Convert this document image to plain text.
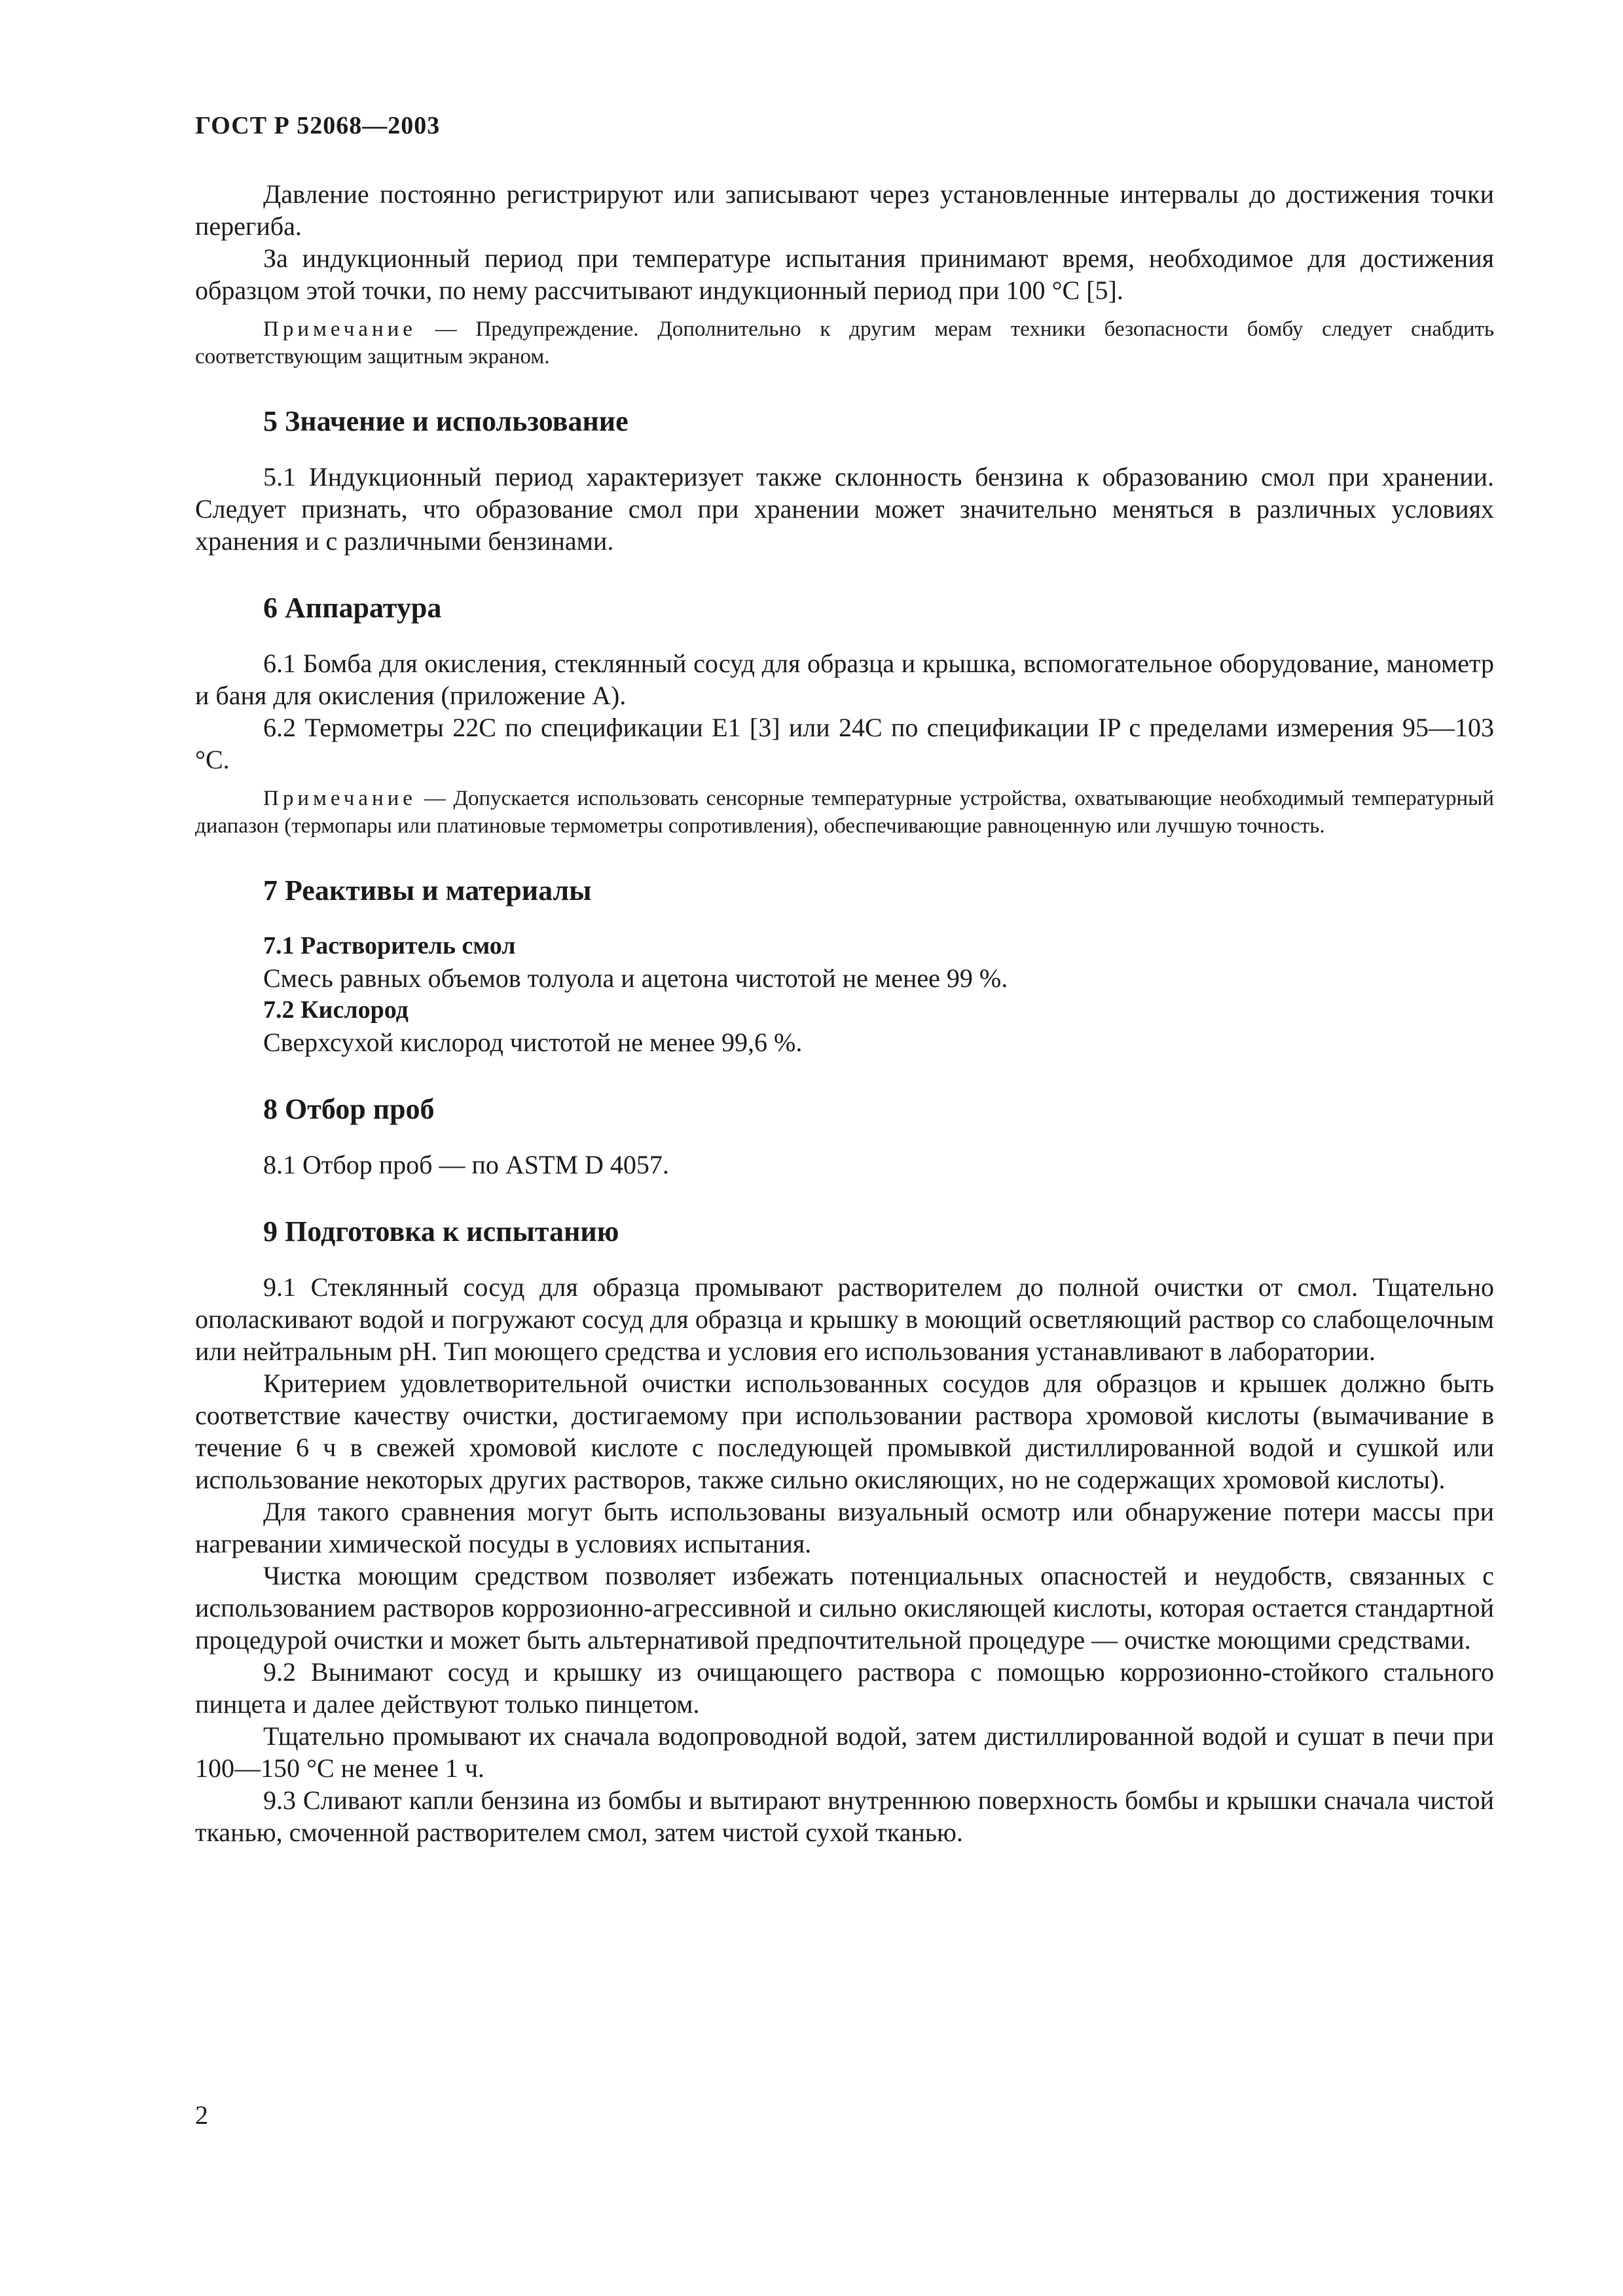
ГОСТ Р 52068—2003

Давление постоянно регистрируют или записывают через установленные интервалы до достижения точки перегиба.

За индукционный период при температуре испытания принимают время, необходимое для достижения образцом этой точки, по нему рассчитывают индукционный период при 100 °С [5].

Примечание — Предупреждение. Дополнительно к другим мерам техники безопасности бомбу следует снабдить соответствующим защитным экраном.

5 Значение и использование

5.1 Индукционный период характеризует также склонность бензина к образованию смол при хранении. Следует признать, что образование смол при хранении может значительно меняться в различных условиях хранения и с различными бензинами.

6 Аппаратура

6.1 Бомба для окисления, стеклянный сосуд для образца и крышка, вспомогательное оборудование, манометр и баня для окисления (приложение А).

6.2 Термометры 22С по спецификации Е1 [3] или 24С по спецификации IP с пределами измерения 95—103 °С.

Примечание — Допускается использовать сенсорные температурные устройства, охватывающие необходимый температурный диапазон (термопары или платиновые термометры сопротивления), обеспечивающие равноценную или лучшую точность.

7 Реактивы и материалы
7.1 Растворитель смол

Смесь равных объемов толуола и ацетона чистотой не менее 99 %.

7.2 Кислород

Сверхсухой кислород чистотой не менее 99,6 %.

8 Отбор проб

8.1 Отбор проб — по ASTM D 4057.

9 Подготовка к испытанию

9.1 Стеклянный сосуд для образца промывают растворителем до полной очистки от смол. Тщательно ополаскивают водой и погружают сосуд для образца и крышку в моющий осветляющий раствор со слабощелочным или нейтральным рН. Тип моющего средства и условия его использования устанавливают в лаборатории.

Критерием удовлетворительной очистки использованных сосудов для образцов и крышек должно быть соответствие качеству очистки, достигаемому при использовании раствора хромовой кислоты (вымачивание в течение 6 ч в свежей хромовой кислоте с последующей промывкой дистиллированной водой и сушкой или использование некоторых других растворов, также сильно окисляющих, но не содержащих хромовой кислоты).

Для такого сравнения могут быть использованы визуальный осмотр или обнаружение потери массы при нагревании химической посуды в условиях испытания.

Чистка моющим средством позволяет избежать потенциальных опасностей и неудобств, связанных с использованием растворов коррозионно-агрессивной и сильно окисляющей кислоты, которая остается стандартной процедурой очистки и может быть альтернативой предпочтительной процедуре — очистке моющими средствами.

9.2 Вынимают сосуд и крышку из очищающего раствора с помощью коррозионно-стойкого стального пинцета и далее действуют только пинцетом.

Тщательно промывают их сначала водопроводной водой, затем дистиллированной водой и сушат в печи при 100—150 °С не менее 1 ч.

9.3 Сливают капли бензина из бомбы и вытирают внутреннюю поверхность бомбы и крышки сначала чистой тканью, смоченной растворителем смол, затем чистой сухой тканью.

2
